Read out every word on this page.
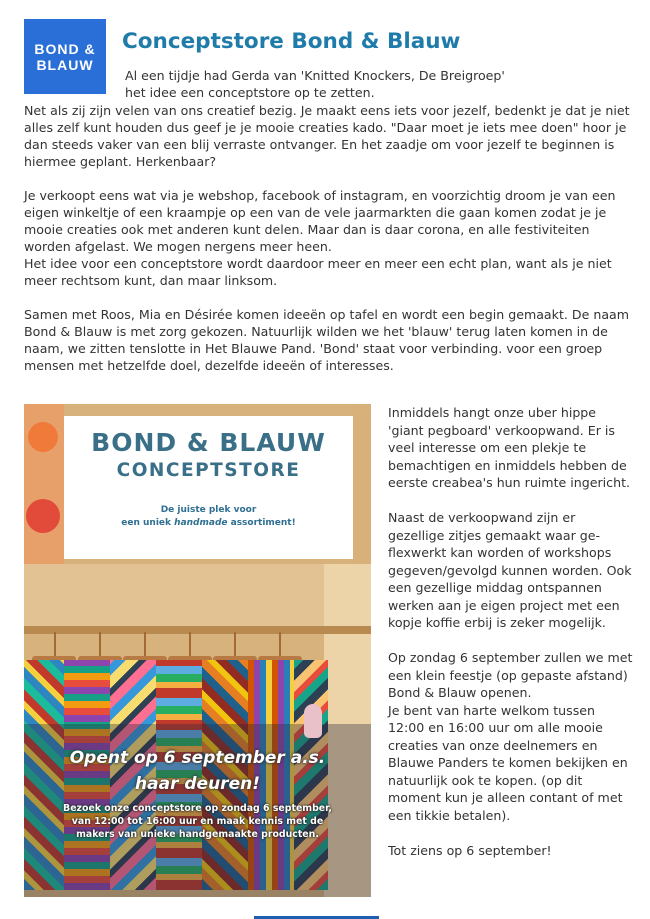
BOND &
BLAUW
Conceptstore Bond & Blauw
Al een tijdje had Gerda van 'Knitted Knockers, De Breigroep' het idee een conceptstore op te zetten.

Net als zij zijn velen van ons creatief bezig. Je maakt eens iets voor jezelf, bedenkt je dat je niet alles zelf kunt houden dus geef je je mooie creaties kado. "Daar moet je iets mee doen" hoor je dan steeds vaker van een blij verraste ontvanger. En het zaadje om voor jezelf te beginnen is hiermee geplant. Herkenbaar?

Je verkoopt eens wat via je webshop, facebook of instagram, en voorzichtig droom je van een eigen winkeltje of een kraampje op een van de vele jaarmarkten die gaan komen zodat je je mooie creaties ook met anderen kunt delen. Maar dan is daar corona, en alle festiviteiten worden afgelast. We mogen nergens meer heen.

Het idee voor een conceptstore wordt daardoor meer en meer een echt plan, want als je niet meer rechtsom kunt, dan maar linksom.

Samen met Roos, Mia en Désirée komen ideeën op tafel en wordt een begin gemaakt. De naam Bond & Blauw is met zorg gekozen. Natuurlijk wilden we het 'blauw' terug laten komen in de naam, we zitten tenslotte in Het Blauwe Pand. 'Bond' staat voor verbinding. voor een groep mensen met hetzelfde doel, dezelfde ideeën of interesses.

BOND & BLAUW
CONCEPTSTORE
De juiste plek voor
een uniek handmade assortiment!
Opent op 6 september a.s.
haar deuren!
Bezoek onze conceptstore op zondag 6 september, van 12:00 tot 16:00 uur en maak kennis met de makers van unieke handgemaakte producten.

Inmiddels hangt onze uber hippe 'giant pegboard' verkoopwand. Er is veel interesse om een plekje te bemachtigen en inmiddels hebben de eerste creabea's hun ruimte ingericht.

Naast de verkoopwand zijn er gezellige zitjes gemaakt waar ge-flexwerkt kan worden of workshops gegeven/gevolgd kunnen worden. Ook een gezellige middag ontspannen werken aan je eigen project met een kopje koffie erbij is zeker mogelijk.

Op zondag 6 september zullen we met een klein feestje (op gepaste afstand) Bond & Blauw openen.

Je bent van harte welkom tussen 12:00 en 16:00 uur om alle mooie creaties van onze deelnemers en Blauwe Panders te komen bekijken en natuurlijk ook te kopen. (op dit moment kun je alleen contant of met een tikkie betalen).

Tot ziens op 6 september!
